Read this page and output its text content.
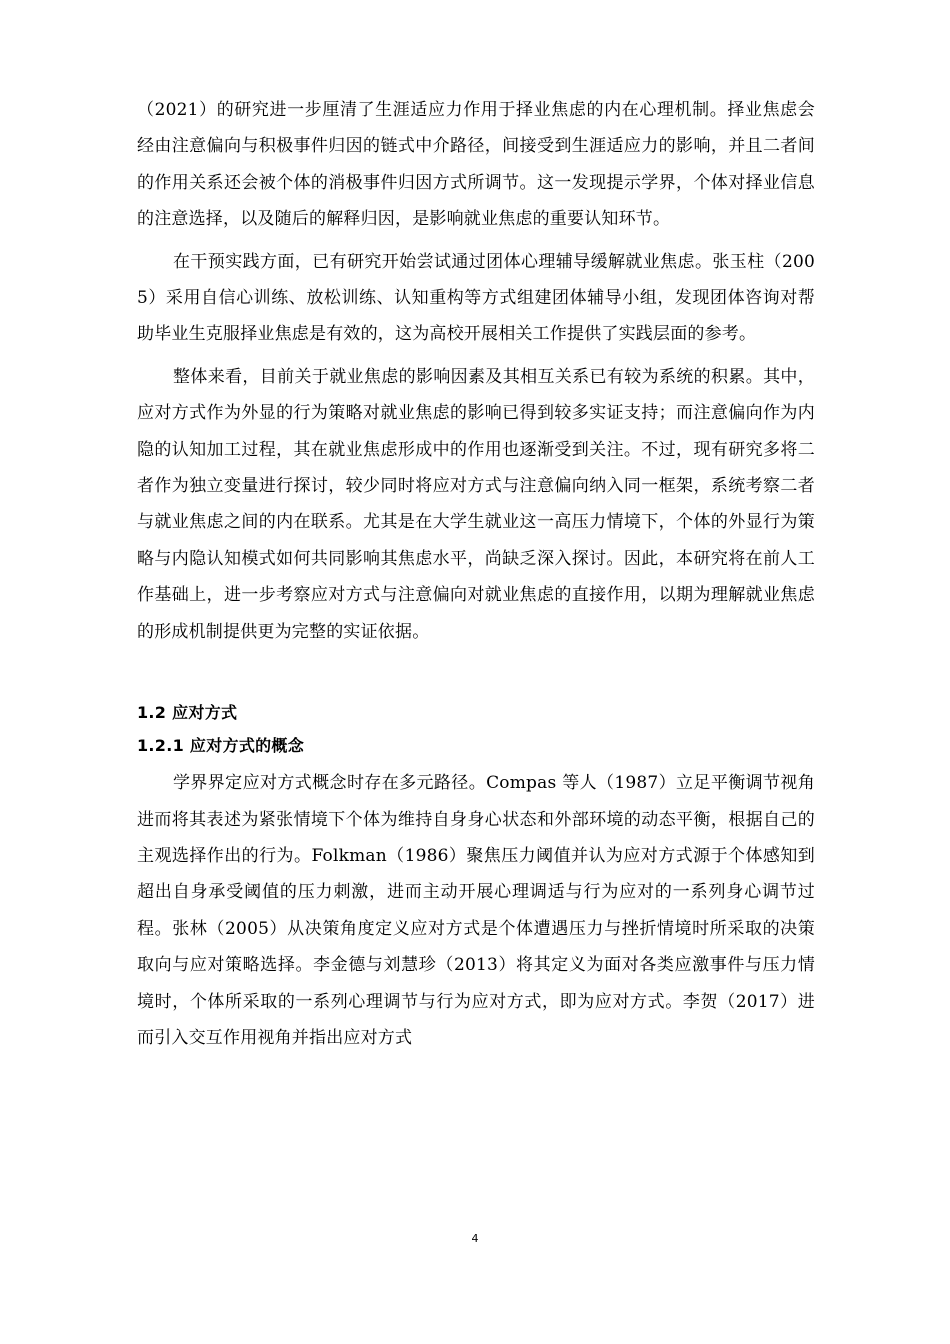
（2021）的研究进一步厘清了生涯适应力作用于择业焦虑的内在心理机制。择业焦虑会经由注意偏向与积极事件归因的链式中介路径，间接受到生涯适应力的影响，并且二者间的作用关系还会被个体的消极事件归因方式所调节。这一发现提示学界，个体对择业信息的注意选择，以及随后的解释归因，是影响就业焦虑的重要认知环节。

在干预实践方面，已有研究开始尝试通过团体心理辅导缓解就业焦虑。张玉柱（2005）采用自信心训练、放松训练、认知重构等方式组建团体辅导小组，发现团体咨询对帮助毕业生克服择业焦虑是有效的，这为高校开展相关工作提供了实践层面的参考。

整体来看，目前关于就业焦虑的影响因素及其相互关系已有较为系统的积累。其中，应对方式作为外显的行为策略对就业焦虑的影响已得到较多实证支持；而注意偏向作为内隐的认知加工过程，其在就业焦虑形成中的作用也逐渐受到关注。不过，现有研究多将二者作为独立变量进行探讨，较少同时将应对方式与注意偏向纳入同一框架，系统考察二者与就业焦虑之间的内在联系。尤其是在大学生就业这一高压力情境下，个体的外显行为策略与内隐认知模式如何共同影响其焦虑水平，尚缺乏深入探讨。因此，本研究将在前人工作基础上，进一步考察应对方式与注意偏向对就业焦虑的直接作用，以期为理解就业焦虑的形成机制提供更为完整的实证依据。

1.2 应对方式
1.2.1 应对方式的概念

学界界定应对方式概念时存在多元路径。Compas 等人（1987）立足平衡调节视角进而将其表述为紧张情境下个体为维持自身身心状态和外部环境的动态平衡，根据自己的主观选择作出的行为。Folkman（1986）聚焦压力阈值并认为应对方式源于个体感知到超出自身承受阈值的压力刺激，进而主动开展心理调适与行为应对的一系列身心调节过程。张林（2005）从决策角度定义应对方式是个体遭遇压力与挫折情境时所采取的决策取向与应对策略选择。李金德与刘慧珍（2013）将其定义为面对各类应激事件与压力情境时，个体所采取的一系列心理调节与行为应对方式，即为应对方式。李贺（2017）进而引入交互作用视角并指出应对方式

4
